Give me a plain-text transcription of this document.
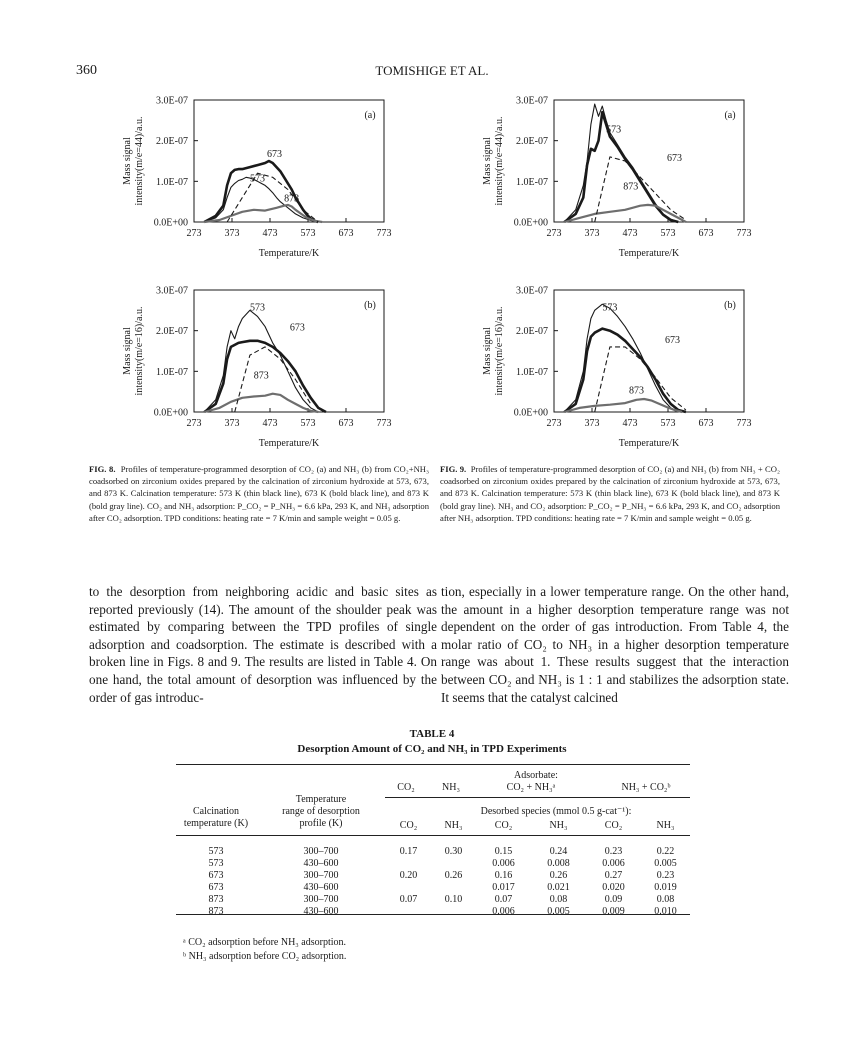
360	TOMISHIGE ET AL.
3.0E-07
2.0E-07
1.0E-07
0.0E+00
273 373 473 573 673 773
Temperature/K
Mass signal intensity(m/e=44)/a.u.
(a)
673
573
873
3.0E-07
2.0E-07
1.0E-07
0.0E+00
273 373 473 573 673 773
Temperature/K
Mass signal intensity(m/e=44)/a.u.
(a)
573
673
873
3.0E-07
2.0E-07
1.0E-07
0.0E+00
273 373 473 573 673 773
Temperature/K
Mass signal intensity(m/e=16)/a.u.
(b)
573
673
873
3.0E-07
2.0E-07
1.0E-07
0.0E+00
273 373 473 573 673 773
Temperature/K
Mass signal intensity(m/e=16)/a.u.
(b)
573
673
873

FIG. 8. Profiles of temperature-programmed desorption of CO₂ (a) and NH₃ (b) from CO₂+NH₃ coadsorbed on zirconium oxides prepared by the calcination of zirconium hydroxide at 573, 673, and 873 K. Calcination temperature: 573 K (thin black line), 673 K (bold black line), and 873 K (bold gray line). CO₂ and NH₃ adsorption: P_CO₂ = P_NH₃ = 6.6 kPa, 293 K, and NH₃ adsorption after CO₂ adsorption. TPD conditions: heating rate = 7 K/min and sample weight = 0.05 g.

FIG. 9. Profiles of temperature-programmed desorption of CO₂ (a) and NH₃ (b) from NH₃ + CO₂ coadsorbed on zirconium oxides prepared by the calcination of zirconium hydroxide at 573, 673, and 873 K. Calcination temperature: 573 K (thin black line), 673 K (bold black line), and 873 K (bold gray line). NH₃ and CO₂ adsorption: P_CO₂ = P_NH₃ = 6.6 kPa, 293 K, and CO₂ adsorption after NH₃ adsorption. TPD conditions: heating rate = 7 K/min and sample weight = 0.05 g.

to the desorption from neighboring acidic and basic sites as reported previously (14). The amount of the shoulder peak was estimated by comparing between the TPD profiles of single adsorption and coadsorption. The estimate is described with a broken line in Figs. 8 and 9. The results are listed in Table 4. On one hand, the total amount of desorption was influenced by the order of gas introduc-

tion, especially in a lower temperature range. On the other hand, the amount in a higher desorption temperature range was not dependent on the order of gas introduction. From Table 4, the molar ratio of CO₂ to NH₃ in a higher desorption temperature range was about 1. These results suggest that the interaction between CO₂ and NH₃ is 1 : 1 and stabilizes the adsorption state. It seems that the catalyst calcined

TABLE 4
Desorption Amount of CO₂ and NH₃ in TPD Experiments
Adsorbate:
CO₂	NH₃	CO₂ + NH₃ᵃ	NH₃ + CO₂ᵇ
Calcination
temperature (K)
Temperature
range of desorption
profile (K)
Desorbed species (mmol 0.5 g-cat⁻¹):
		CO₂	NH₃	CO₂	NH₃	CO₂	NH₃

573	300–700	0.17	0.30	0.15	0.24	0.23	0.22
573	430–600			0.006	0.008	0.006	0.005
673	300–700	0.20	0.26	0.16	0.26	0.27	0.23
673	430–600			0.017	0.021	0.020	0.019
873	300–700	0.07	0.10	0.07	0.08	0.09	0.08
873	430–600			0.006	0.005	0.009	0.010
ᵃ CO₂ adsorption before NH₃ adsorption.
ᵇ NH₃ adsorption before CO₂ adsorption.
